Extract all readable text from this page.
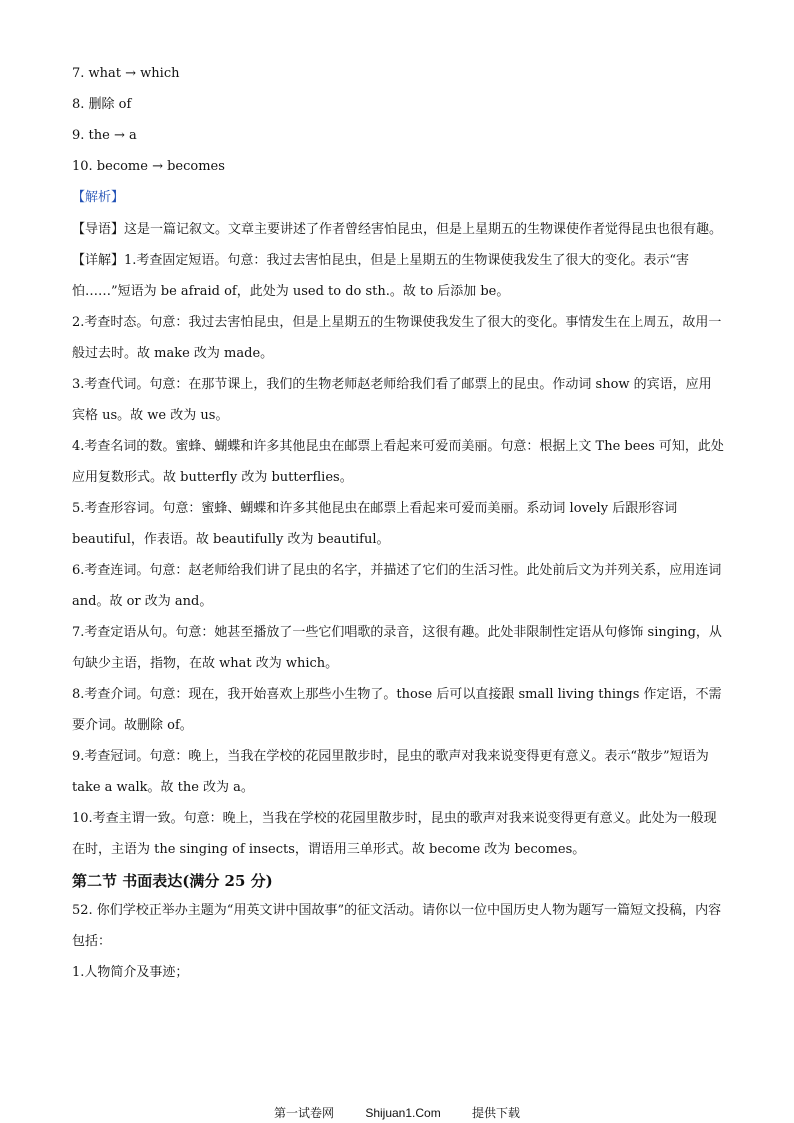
7. what → which
8. 删除 of
9. the → a
10. become → becomes
【解析】
【导语】这是一篇记叙文。文章主要讲述了作者曾经害怕昆虫，但是上星期五的生物课使作者觉得昆虫也很有趣。
【详解】1.考查固定短语。句意：我过去害怕昆虫，但是上星期五的生物课使我发生了很大的变化。表示“害怕……”短语为 be afraid of，此处为 used to do sth.。故 to 后添加 be。
2.考查时态。句意：我过去害怕昆虫，但是上星期五的生物课使我发生了很大的变化。事情发生在上周五，故用一般过去时。故 make 改为 made。
3.考查代词。句意：在那节课上，我们的生物老师赵老师给我们看了邮票上的昆虫。作动词 show 的宾语，应用宾格 us。故 we 改为 us。
4.考查名词的数。蜜蜂、蝴蝶和许多其他昆虫在邮票上看起来可爱而美丽。句意：根据上文 The bees 可知，此处应用复数形式。故 butterfly 改为 butterflies。
5.考查形容词。句意：蜜蜂、蝴蝶和许多其他昆虫在邮票上看起来可爱而美丽。系动词 lovely 后跟形容词 beautiful，作表语。故 beautifully 改为 beautiful。
6.考查连词。句意：赵老师给我们讲了昆虫的名字，并描述了它们的生活习性。此处前后文为并列关系，应用连词 and。故 or 改为 and。
7.考查定语从句。句意：她甚至播放了一些它们唱歌的录音，这很有趣。此处非限制性定语从句修饰 singing，从句缺少主语，指物，在故 what 改为 which。
8.考查介词。句意：现在，我开始喜欢上那些小生物了。those 后可以直接跟 small living things 作定语，不需要介词。故删除 of。
9.考查冠词。句意：晚上，当我在学校的花园里散步时，昆虫的歌声对我来说变得更有意义。表示“散步”短语为 take a walk。故 the 改为 a。
10.考查主谓一致。句意：晚上，当我在学校的花园里散步时，昆虫的歌声对我来说变得更有意义。此处为一般现在时，主语为 the singing of insects，谓语用三单形式。故 become 改为 becomes。
第二节 书面表达(满分 25 分)
52. 你们学校正举办主题为“用英文讲中国故事”的征文活动。请你以一位中国历史人物为题写一篇短文投稿，内容包括：
1.人物简介及事迹；
第一试卷网	Shijuan1.Com	提供下载
